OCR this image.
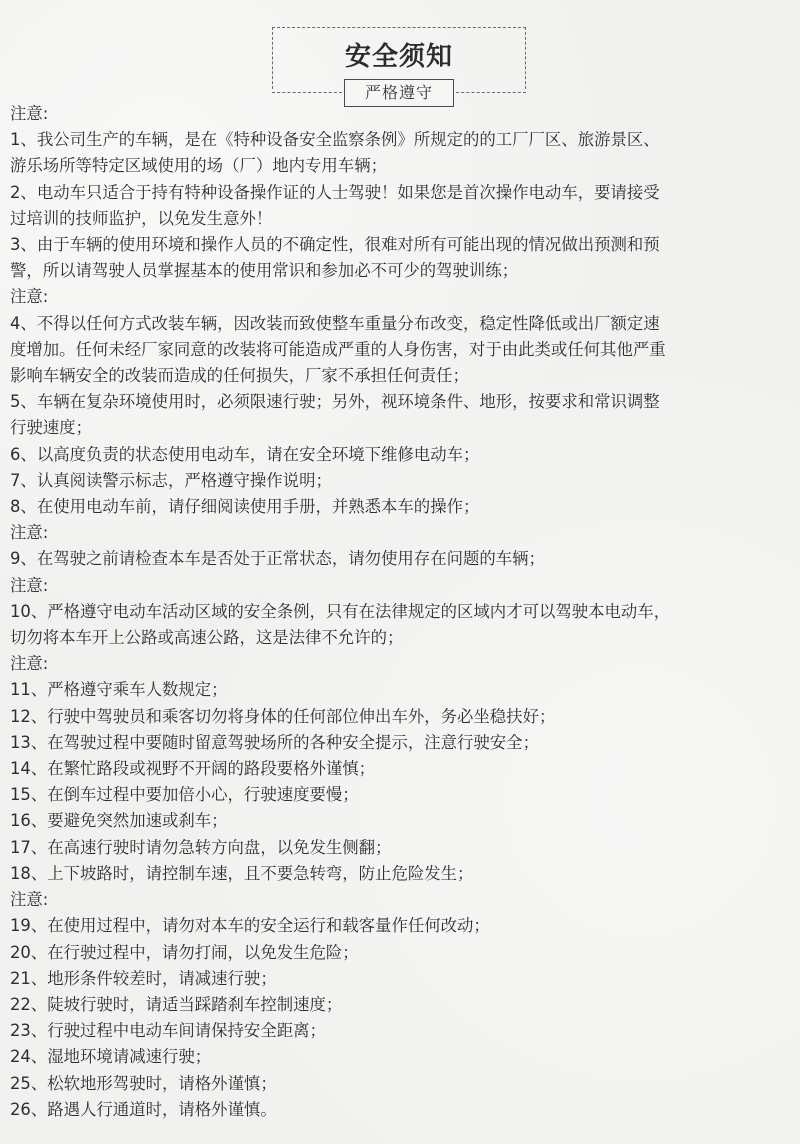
安全须知
严格遵守
注意:
1、我公司生产的车辆，是在《特种设备安全监察条例》所规定的的工厂厂区、旅游景区、
游乐场所等特定区域使用的场（厂）地内专用车辆；
2、电动车只适合于持有特种设备操作证的人士驾驶！如果您是首次操作电动车，要请接受
过培训的技师监护，以免发生意外！
3、由于车辆的使用环境和操作人员的不确定性，很难对所有可能出现的情况做出预测和预
警，所以请驾驶人员掌握基本的使用常识和参加必不可少的驾驶训练；
注意:
4、不得以任何方式改装车辆，因改装而致使整车重量分布改变，稳定性降低或出厂额定速
度增加。任何未经厂家同意的改装将可能造成严重的人身伤害，对于由此类或任何其他严重
影响车辆安全的改装而造成的任何损失，厂家不承担任何责任；
5、车辆在复杂环境使用时，必须限速行驶；另外，视环境条件、地形，按要求和常识调整
行驶速度；
6、以高度负责的状态使用电动车，请在安全环境下维修电动车；
7、认真阅读警示标志，严格遵守操作说明；
8、在使用电动车前，请仔细阅读使用手册，并熟悉本车的操作；
注意:
9、在驾驶之前请检查本车是否处于正常状态，请勿使用存在问题的车辆；
注意:
10、严格遵守电动车活动区域的安全条例，只有在法律规定的区域内才可以驾驶本电动车，
切勿将本车开上公路或高速公路，这是法律不允许的；
注意:
11、严格遵守乘车人数规定；
12、行驶中驾驶员和乘客切勿将身体的任何部位伸出车外，务必坐稳扶好；
13、在驾驶过程中要随时留意驾驶场所的各种安全提示，注意行驶安全；
14、在繁忙路段或视野不开阔的路段要格外谨慎；
15、在倒车过程中要加倍小心，行驶速度要慢；
16、要避免突然加速或刹车；
17、在高速行驶时请勿急转方向盘，以免发生侧翻；
18、上下坡路时，请控制车速，且不要急转弯，防止危险发生；
注意:
19、在使用过程中，请勿对本车的安全运行和载客量作任何改动；
20、在行驶过程中，请勿打闹，以免发生危险；
21、地形条件较差时，请减速行驶；
22、陡坡行驶时，请适当踩踏刹车控制速度；
23、行驶过程中电动车间请保持安全距离；
24、湿地环境请减速行驶；
25、松软地形驾驶时，请格外谨慎；
26、路遇人行通道时，请格外谨慎。
